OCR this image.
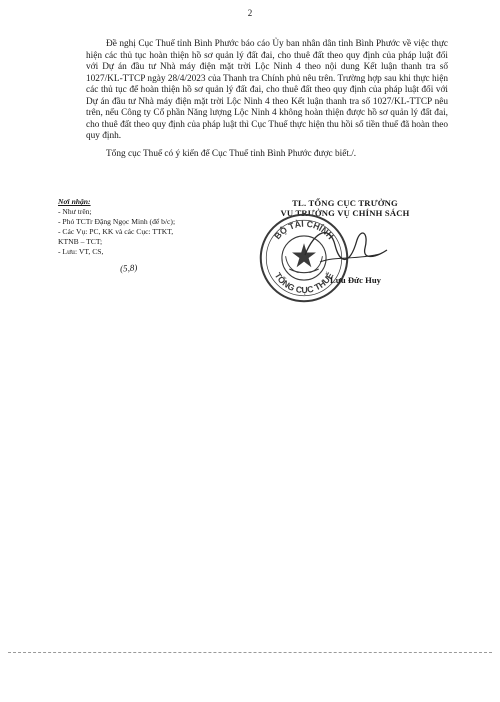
2

Đề nghị Cục Thuế tỉnh Bình Phước báo cáo Ủy ban nhân dân tỉnh Bình Phước về việc thực hiện các thủ tục hoàn thiện hồ sơ quản lý đất đai, cho thuê đất theo quy định của pháp luật đối với Dự án đầu tư Nhà máy điện mặt trời Lộc Ninh 4 theo nội dung Kết luận thanh tra số 1027/KL-TTCP ngày 28/4/2023 của Thanh tra Chính phủ nêu trên. Trường hợp sau khi thực hiện các thủ tục để hoàn thiện hồ sơ quản lý đất đai, cho thuê đất theo quy định của pháp luật đối với Dự án đầu tư Nhà máy điện mặt trời Lộc Ninh 4 theo Kết luận thanh tra số 1027/KL-TTCP nêu trên, nếu Công ty Cổ phần Năng lượng Lộc Ninh 4 không hoàn thiện được hồ sơ quản lý đất đai, cho thuê đất theo quy định của pháp luật thì Cục Thuế thực hiện thu hồi số tiền thuế đã hoàn theo quy định.

Tổng cục Thuế có ý kiến để Cục Thuế tỉnh Bình Phước được biết./.

Nơi nhận:
- Như trên;
- Phó TCTr Đặng Ngọc Minh (để b/c);
- Các Vụ: PC, KK và các Cục: TTKT,
KTNB – TCT;
- Lưu: VT, CS,
(5,8)
TL. TỔNG CỤC TRƯỞNG
VỤ TRƯỞNG VỤ CHÍNH SÁCH
BỘ TÀI CHÍNH
TỔNG CỤC THUẾ
Lưu Đức Huy
